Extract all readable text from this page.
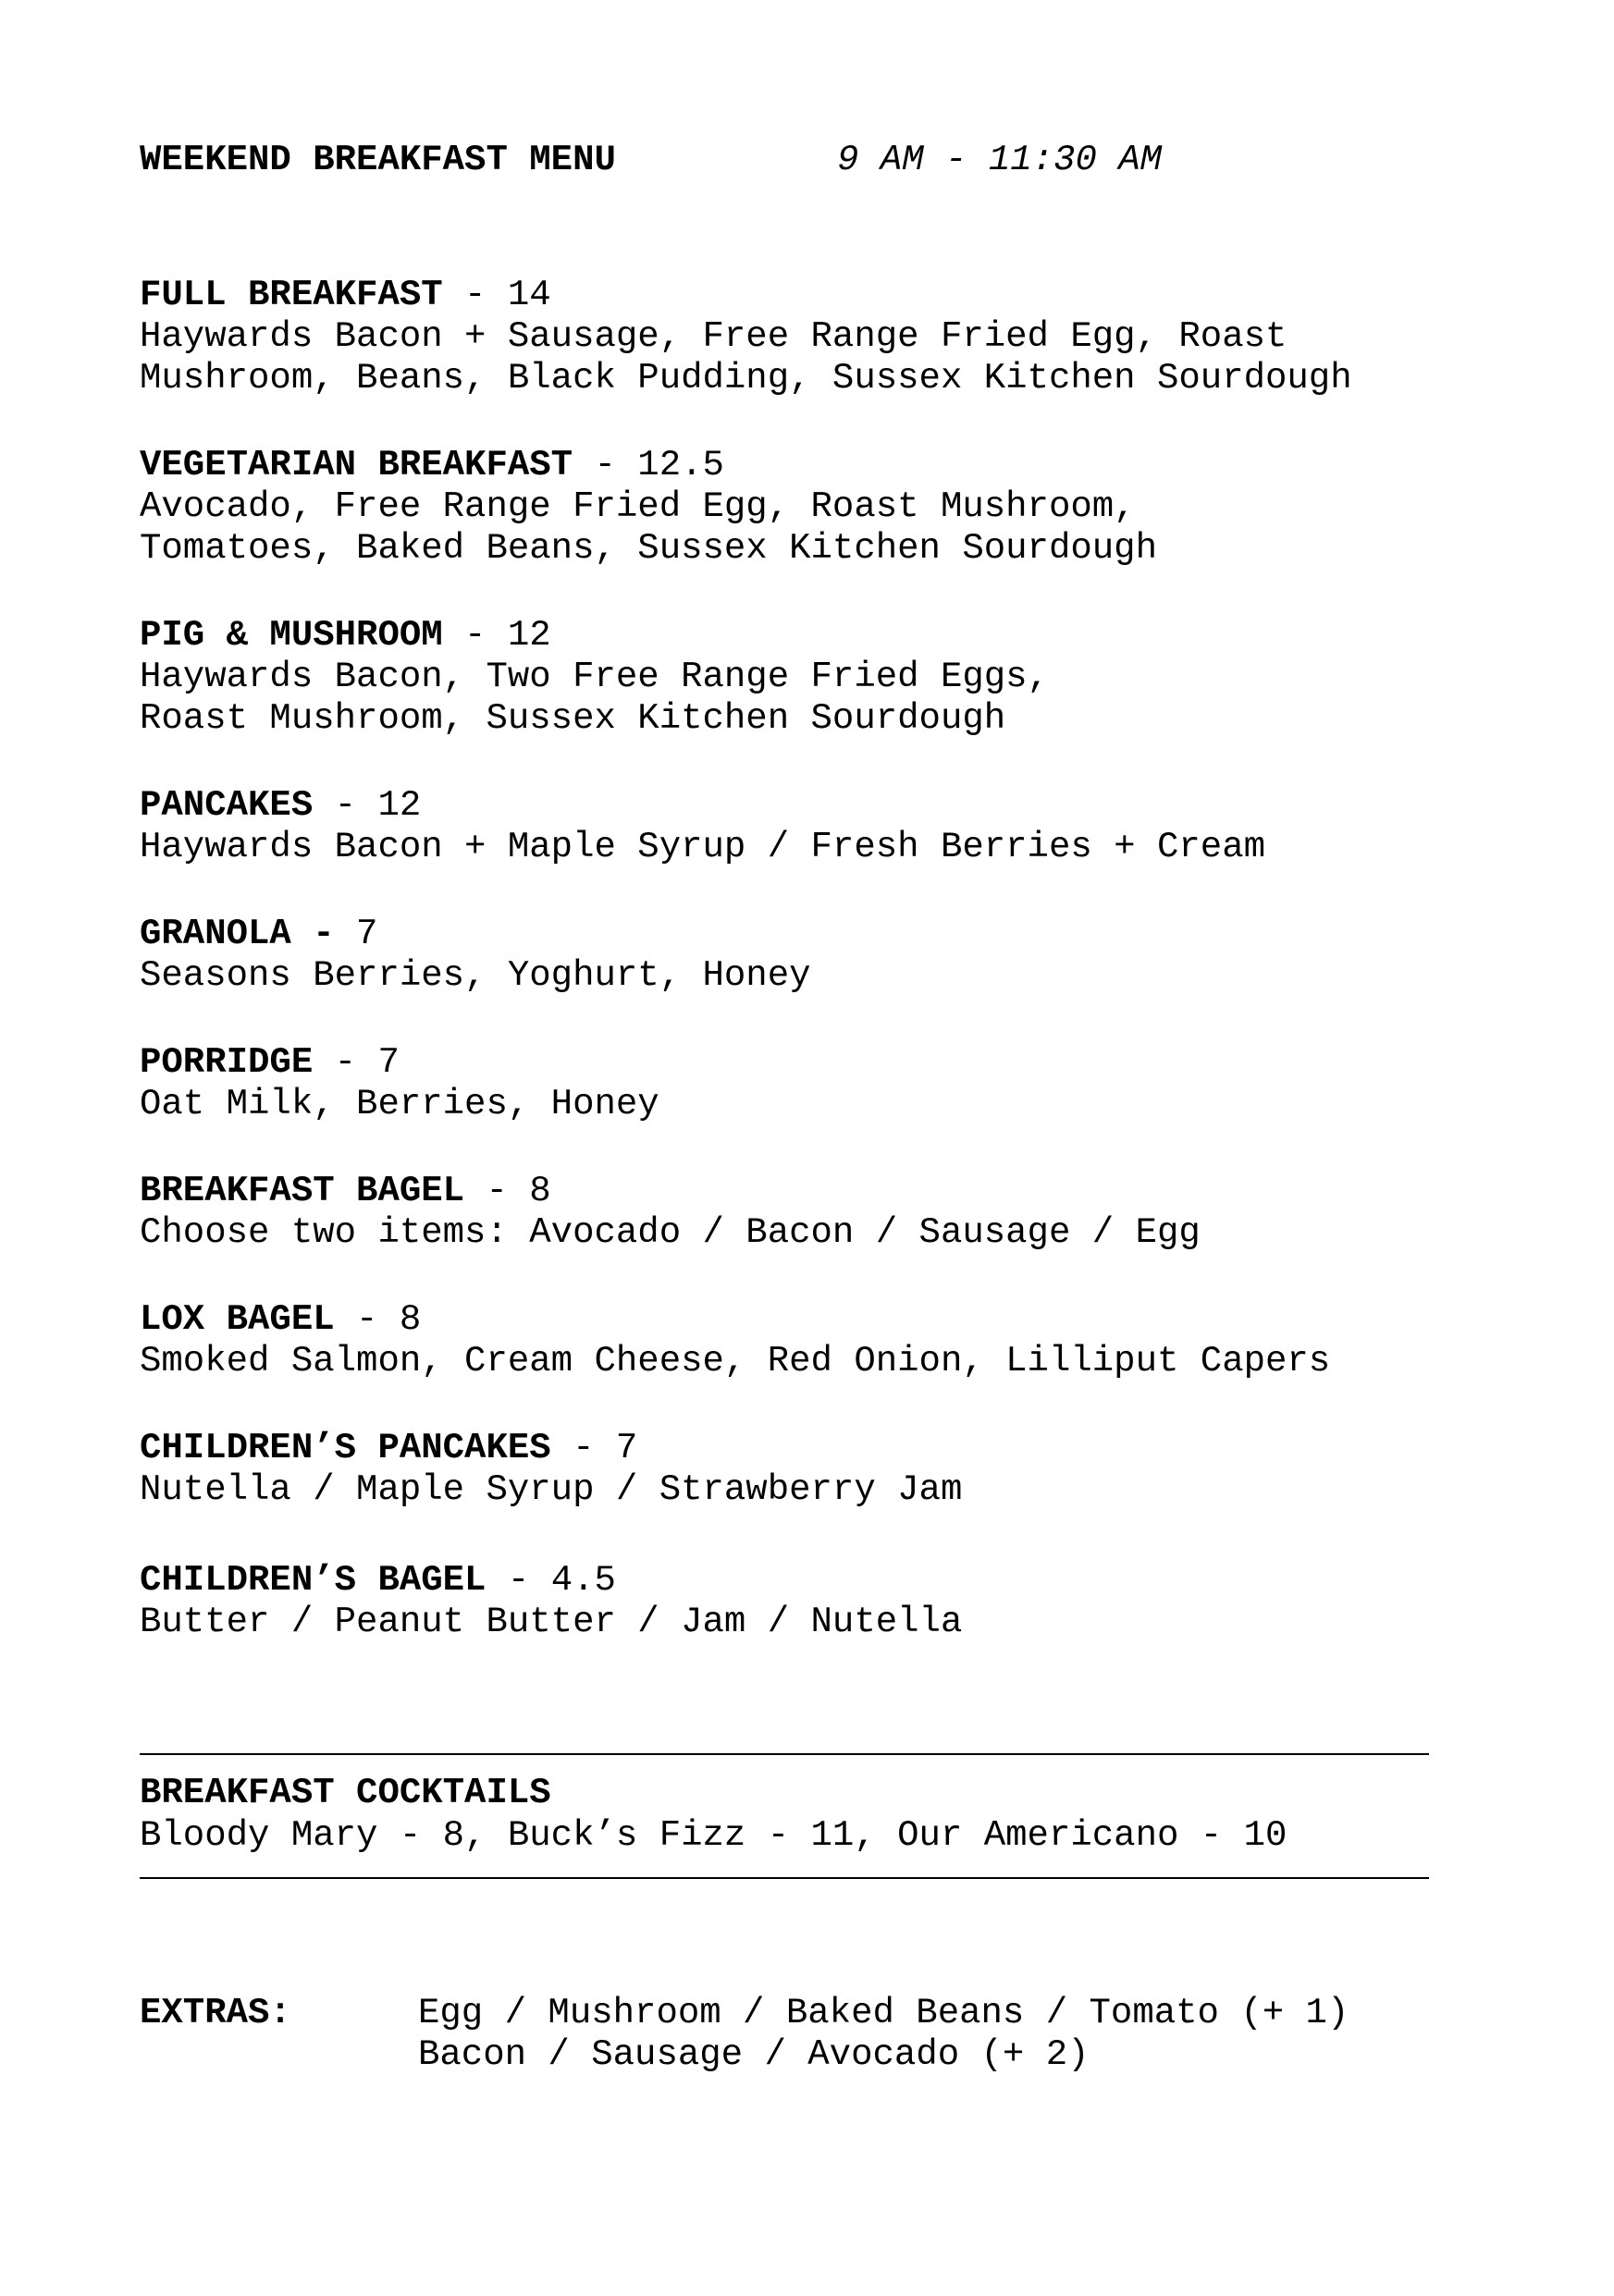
WEEKEND BREAKFAST MENU	9 AM - 11:30 AM
FULL BREAKFAST - 14
Haywards Bacon + Sausage, Free Range Fried Egg, Roast
Mushroom, Beans, Black Pudding, Sussex Kitchen Sourdough
VEGETARIAN BREAKFAST - 12.5
Avocado, Free Range Fried Egg, Roast Mushroom,
Tomatoes, Baked Beans, Sussex Kitchen Sourdough
PIG & MUSHROOM - 12
Haywards Bacon, Two Free Range Fried Eggs,
Roast Mushroom, Sussex Kitchen Sourdough
PANCAKES - 12
Haywards Bacon + Maple Syrup / Fresh Berries + Cream
GRANOLA - 7
Seasons Berries, Yoghurt, Honey
PORRIDGE - 7
Oat Milk, Berries, Honey
BREAKFAST BAGEL - 8
Choose two items: Avocado / Bacon / Sausage / Egg
LOX BAGEL - 8
Smoked Salmon, Cream Cheese, Red Onion, Lilliput Capers
CHILDREN’S PANCAKES - 7
Nutella / Maple Syrup / Strawberry Jam
CHILDREN’S BAGEL - 4.5
Butter / Peanut Butter / Jam / Nutella
BREAKFAST COCKTAILS
Bloody Mary - 8, Buck’s Fizz - 11, Our Americano - 10
EXTRAS:	Egg / Mushroom / Baked Beans / Tomato (+ 1)
Bacon / Sausage / Avocado (+ 2)
